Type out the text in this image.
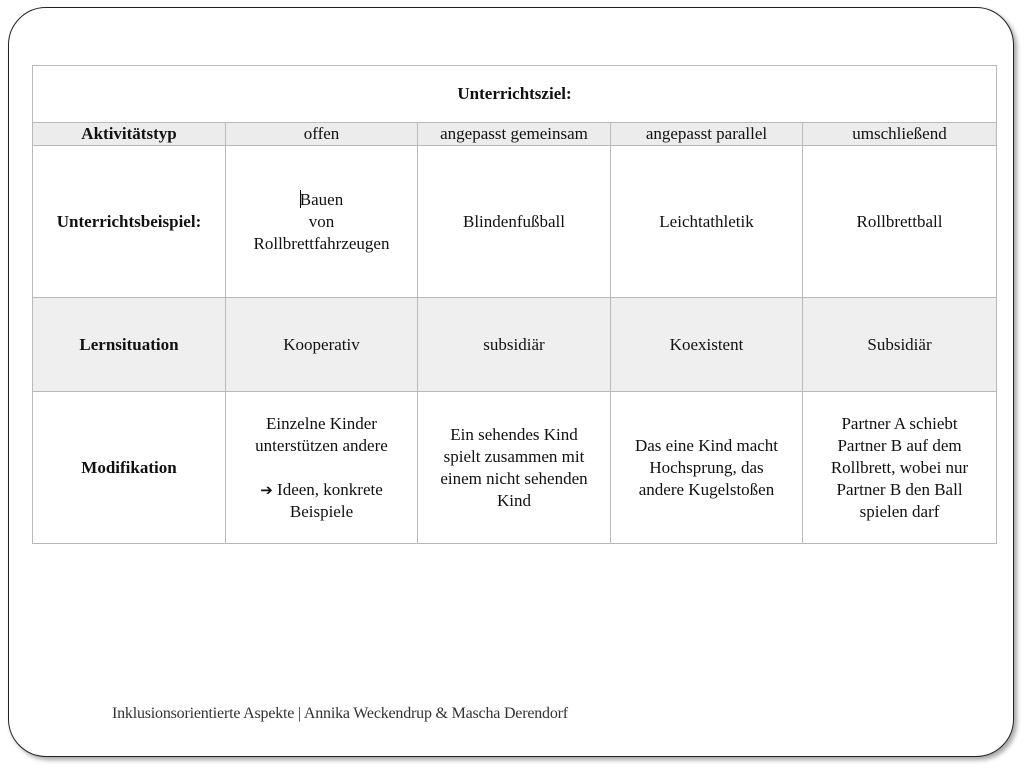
Unterrichtsziel:				
Aktivitätstyp	offen	angepasst gemeinsam	angepasst parallel	umschließend
Unterrichtsbeispiel:	Bauen
von
Rollbrettfahrzeugen	Blindenfußball	Leichtathletik	Rollbrettball
Lernsituation	Kooperativ	subsidiär	Koexistent	Subsidiär
Modifikation	Einzelne Kinder
unterstützen andere
➔ Ideen, konkrete
Beispiele	Ein sehendes Kind
spielt zusammen mit
einem nicht sehenden
Kind	Das eine Kind macht
Hochsprung, das
andere Kugelstoßen	Partner A schiebt
Partner B auf dem
Rollbrett, wobei nur
Partner B den Ball
spielen darf
Inklusionsorientierte Aspekte | Annika Weckendrup & Mascha Derendorf
